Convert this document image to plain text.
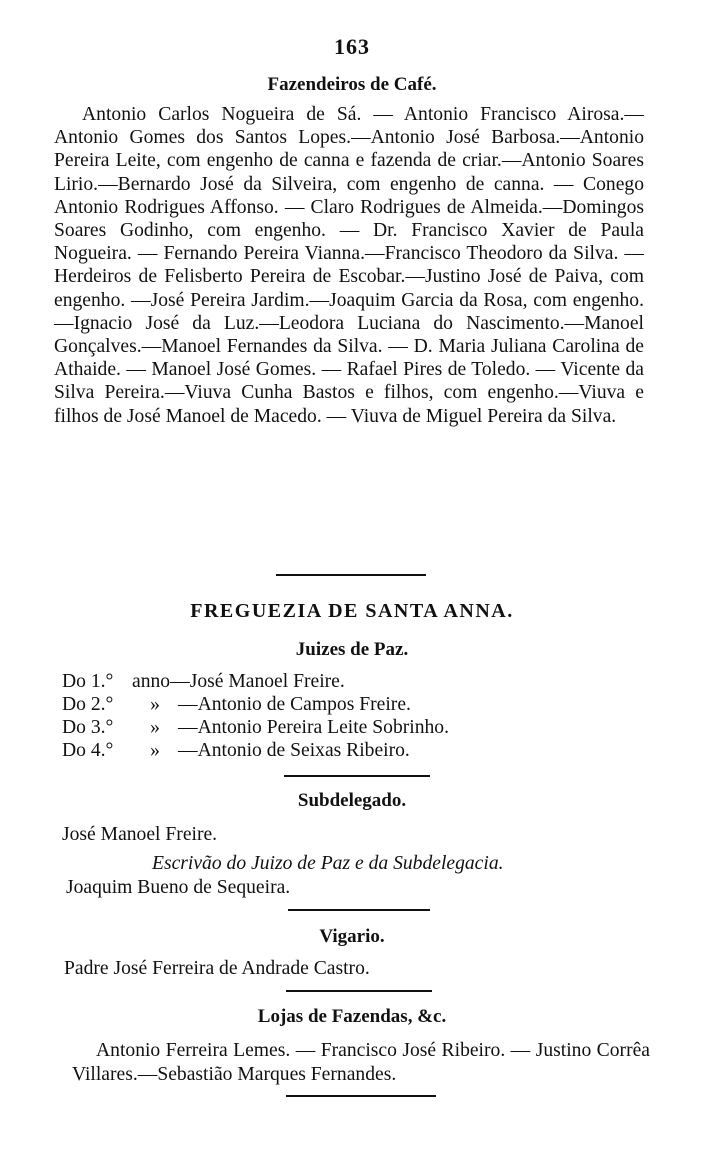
163
Fazendeiros de Café.
Antonio Carlos Nogueira de Sá. — Antonio Francisco Airosa.—Antonio Gomes dos Santos Lopes.—Antonio José Barbosa.—Antonio Pereira Leite, com engenho de canna e fazenda de criar.—Antonio Soares Lirio.—Bernardo José da Silveira, com engenho de canna. — Conego Antonio Rodrigues Affonso. — Claro Rodrigues de Almeida.—Domingos Soares Godinho, com engenho. — Dr. Francisco Xavier de Paula Nogueira. — Fernando Pereira Vianna.—Francisco Theodoro da Silva. — Herdeiros de Felisberto Pereira de Escobar.—Justino José de Paiva, com engenho. —José Pereira Jardim.—Joaquim Garcia da Rosa, com engenho.—Ignacio José da Luz.—Leodora Luciana do Nascimento.—Manoel Gonçalves.—Manoel Fernandes da Silva. — D. Maria Juliana Carolina de Athaide. — Manoel José Gomes. — Rafael Pires de Toledo. — Vicente da Silva Pereira.—Viuva Cunha Bastos e filhos, com engenho.—Viuva e filhos de José Manoel de Macedo. — Viuva de Miguel Pereira da Silva.
FREGUEZIA DE SANTA ANNA.
Juizes de Paz.
Do 1.° anno—José Manoel Freire.
Do 2.° » —Antonio de Campos Freire.
Do 3.° » —Antonio Pereira Leite Sobrinho.
Do 4.° » —Antonio de Seixas Ribeiro.
Subdelegado.
José Manoel Freire.
Escrivão do Juizo de Paz e da Subdelegacia.
Joaquim Bueno de Sequeira.
Vigario.
Padre José Ferreira de Andrade Castro.
Lojas de Fazendas, &c.
Antonio Ferreira Lemes. — Francisco José Ribeiro. — Justino Corrêa Villares.—Sebastião Marques Fernandes.
